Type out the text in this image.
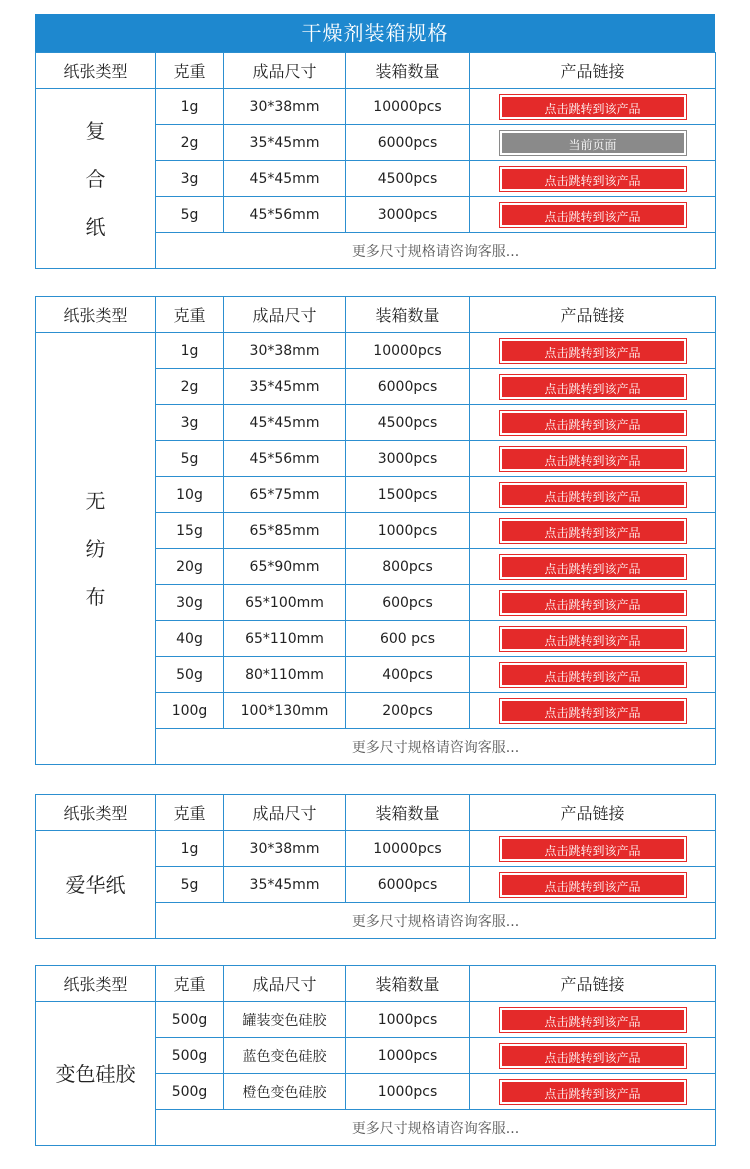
干燥剂装箱规格
纸张类型	克重	成品尺寸	装箱数量	产品链接

复
合
纸	1g	30*38mm	10000pcs	点击跳转到该产品
	2g	35*45mm	6000pcs	当前页面
	3g	45*45mm	4500pcs	点击跳转到该产品
	5g	45*56mm	3000pcs	点击跳转到该产品
	更多尺寸规格请咨询客服...			
纸张类型	克重	成品尺寸	装箱数量	产品链接

无
纺
布	1g	30*38mm	10000pcs	点击跳转到该产品
	2g	35*45mm	6000pcs	点击跳转到该产品
	3g	45*45mm	4500pcs	点击跳转到该产品
	5g	45*56mm	3000pcs	点击跳转到该产品
	10g	65*75mm	1500pcs	点击跳转到该产品
	15g	65*85mm	1000pcs	点击跳转到该产品
	20g	65*90mm	800pcs	点击跳转到该产品
	30g	65*100mm	600pcs	点击跳转到该产品
	40g	65*110mm	600 pcs	点击跳转到该产品
	50g	80*110mm	400pcs	点击跳转到该产品
	100g	100*130mm	200pcs	点击跳转到该产品
	更多尺寸规格请咨询客服...			
纸张类型	克重	成品尺寸	装箱数量	产品链接
爱华纸	1g	30*38mm	10000pcs	点击跳转到该产品
	5g	35*45mm	6000pcs	点击跳转到该产品
	更多尺寸规格请咨询客服...			
纸张类型	克重	成品尺寸	装箱数量	产品链接
变色硅胶	500g	罐装变色硅胶	1000pcs	点击跳转到该产品
	500g	蓝色变色硅胶	1000pcs	点击跳转到该产品
	500g	橙色变色硅胶	1000pcs	点击跳转到该产品
	更多尺寸规格请咨询客服...			
